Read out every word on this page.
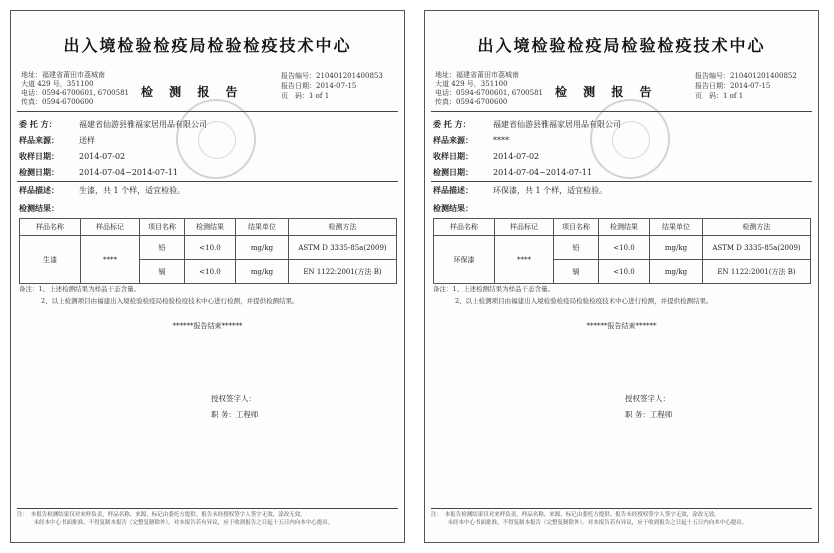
出入境检验检疫局检验检疫技术中心
地址：福建省莆田市荔城南
大道 429 号，351100
电话：0594-6700601, 6700581
传真：0594-6700600
检 测 报 告
报告编号：210401201400853
报告日期：2014-07-15
页　码：1 of 1
委 托 方：	福建省仙游县雅福家居用品有限公司
样品来源：	送样
收样日期：	2014-07-02
检测日期：	2014-07-04~2014-07-11
样品描述：	生漆，共 1 个样，适宜检验。
检测结果：
样品名称	样品标记	项目名称	检测结果	结果单位	检测方法
生漆	****	铅	<10.0	mg/kg	ASTM D 3335-85a(2009)
		镉	<10.0	mg/kg	EN 1122:2001(方法 B)
备注：1、上述检测结果为样品干态含量。
2、以上检测项目由福建出入境检验检疫局检验检疫技术中心进行检测，并提供检测结果。
******报告结束******
授权签字人：
职 务：工程师
注：　本报告检测结果仅对来样负责，样品名称、来源、标记由委托方提供。报告未经授权签字人签字无效，涂改无效。
　　　未经本中心书面批准，不得复制本报告（完整复制除外）。对本报告若有异议，应于收到报告之日起十五日内向本中心提出。
出入境检验检疫局检验检疫技术中心
地址：福建省莆田市荔城南
大道 429 号，351100
电话：0594-6700601, 6700581
传真：0594-6700600
检 测 报 告
报告编号：210401201400852
报告日期：2014-07-15
页　码：1 of 1
委 托 方：	福建省仙游县雅福家居用品有限公司
样品来源：	****
收样日期：	2014-07-02
检测日期：	2014-07-04~2014-07-11
样品描述：	环保漆，共 1 个样，适宜检验。
检测结果：
样品名称	样品标记	项目名称	检测结果	结果单位	检测方法
环保漆	****	铅	<10.0	mg/kg	ASTM D 3335-85a(2009)
		镉	<10.0	mg/kg	EN 1122:2001(方法 B)
备注：1、上述检测结果为样品干态含量。
2、以上检测项目由福建出入境检验检疫局检验检疫技术中心进行检测，并提供检测结果。
******报告结束******
授权签字人：
职 务：工程师
注：　本报告检测结果仅对来样负责，样品名称、来源、标记由委托方提供。报告未经授权签字人签字无效，涂改无效。
　　　未经本中心书面批准，不得复制本报告（完整复制除外）。对本报告若有异议，应于收到报告之日起十五日内向本中心提出。
